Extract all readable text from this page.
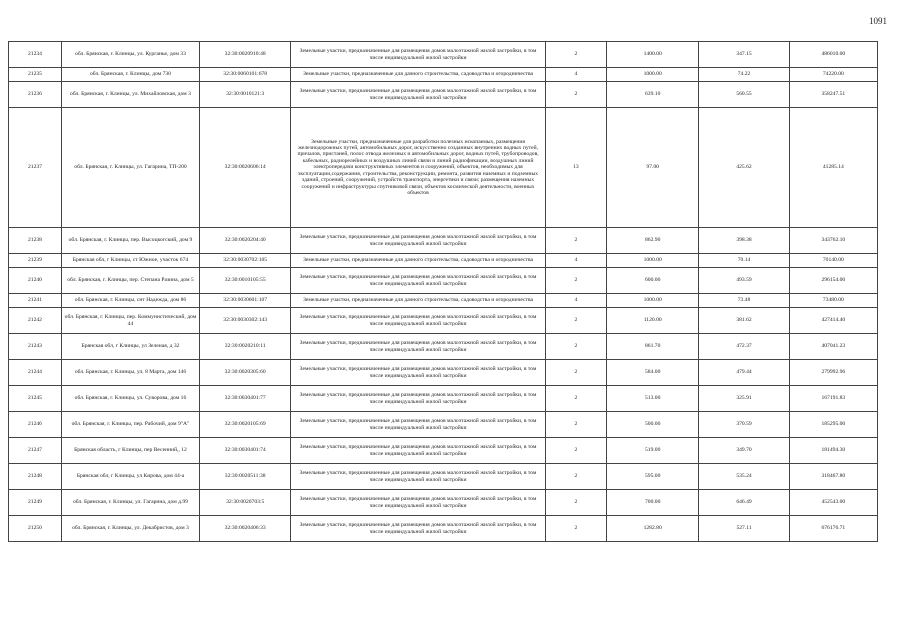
1091
21234	обл. Брянская, г. Клинцы, ул. Курганье, дом 33	32:30:0020910:48	Земельные участки, предназначенные для размещения домов малоэтажной жилой застройки, в том числе индивидуальной жилой застройки	2	1400.00	347.15	486010.00

21235	обл. Брянская, г. Клинцы, дом 730	32:30:0060101:678	Земельные участки, предназначенные для дачного строительства, садоводства и огородничества	4	1000.00	74.22	74220.00

21236	обл. Брянская, г. Клинцы, ул. Михайловская, дом 3	32:30:0010121:3	Земельные участки, предназначенные для размещения домов малоэтажной жилой застройки, в том числе индивидуальной жилой застройки	2	639.10	560.55	358247.51

21237	обл. Брянская, г. Клинцы, ул. Гагарина, ТП-200	32:30:0020606:14	Земельные участки, предназначенные для разработки полезных ископаемых, размещения железнодорожных путей, автомобильных дорог, искусственно созданных внутренних водных путей, причалов, пристаней, полос отвода железных и автомобильных дорог, водных путей, трубопроводов, кабельных, радиорелейных и воздушных линий связи и линий радиофикации, воздушных линий электропередачи конструктивных элементов и сооружений, объектов, необходимых для эксплуатации,содержания, строительства, реконструкции, ремонта, развития наземных и подземных зданий, строений, сооружений, устройств транспорта, энергетики и связи; размещения наземных сооружений и инфраструктуры спутниковой связи, объектов космической деятельности, военных объектов	13	97.00	425.62	41285.14

21238	обл. Брянская, г. Клинцы, пер. Высоцкогский, дом 9	32:30:0020204:40	Земельные участки, предназначенные для размещения домов малоэтажной жилой застройки, в том числе индивидуальной жилой застройки	2	862.90	398.38	343762.10

21239	Брянская обл, г Клинцы, ст Южное, участок 674	32:30:0030702:105	Земельные участки, предназначенные для дачного строительства, садоводства и огородничества	4	1000.00	70.14	70140.00

21240	обл. Брянская, г. Клинцы, пер. Степана Разина, дом 5	32:30:0010105:55	Земельные участки, предназначенные для размещения домов малоэтажной жилой застройки, в том числе индивидуальной жилой застройки	2	600.00	493.59	296154.00

21241	обл. Брянская, г. Клинцы, снт Надежда, дом 86	32:30:0030601:107	Земельные участки, предназначенные для дачного строительства, садоводства и огородничества	4	1000.00	73.48	73480.00

21242	обл. Брянская, г. Клинцы, пер. Коммунистический, дом 44	32:30:0030302:143	Земельные участки, предназначенные для размещения домов малоэтажной жилой застройки, в том числе индивидуальной жилой застройки	2	1120.00	381.62	427414.40

21243	Брянская обл, г Клинцы, ул Зеленая, д 32	32:30:0020210:11	Земельные участки, предназначенные для размещения домов малоэтажной жилой застройки, в том числе индивидуальной жилой застройки	2	861.70	472.37	407041.23

21244	обл. Брянская, г. Клинцы, ул. 8 Марта, дом 146	32:30:0020305:60	Земельные участки, предназначенные для размещения домов малоэтажной жилой застройки, в том числе индивидуальной жилой застройки	2	584.00	479.44	279992.96

21245	обл. Брянская, г. Клинцы, ул. Суворова, дом 16	32:30:0030401:77	Земельные участки, предназначенные для размещения домов малоэтажной жилой застройки, в том числе индивидуальной жилой застройки	2	513.00	325.91	167191.83

21246	обл. Брянская, г. Клинцы, пер. Рабочий, дом 9"А"	32:30:0020105:69	Земельные участки, предназначенные для размещения домов малоэтажной жилой застройки, в том числе индивидуальной жилой застройки	2	500.00	370.59	185295.00

21247	Брянская область, г Клинцы, пер Весенний,, 12	32:30:0030401:74	Земельные участки, предназначенные для размещения домов малоэтажной жилой застройки, в том числе индивидуальной жилой застройки	2	519.00	349.70	181494.30

21248	Брянская обл, г Клинцы, ул Кирова, дом 44-а	32:30:0020511:38	Земельные участки, предназначенные для размещения домов малоэтажной жилой застройки, в том числе индивидуальной жилой застройки	2	595.00	535.24	318467.80

21249	обл. Брянская, г. Клинцы, ул. Гагарина, дом д.99	32:30:0020703:5	Земельные участки, предназначенные для размещения домов малоэтажной жилой застройки, в том числе индивидуальной жилой застройки	2	700.00	646.49	452543.00

21250	обл. Брянская, г. Клинцы, ул. Декабристов, дом 3	32:30:0020406:33	Земельные участки, предназначенные для размещения домов малоэтажной жилой застройки, в том числе индивидуальной жилой застройки	2	1282.80	527.11	676176.71
